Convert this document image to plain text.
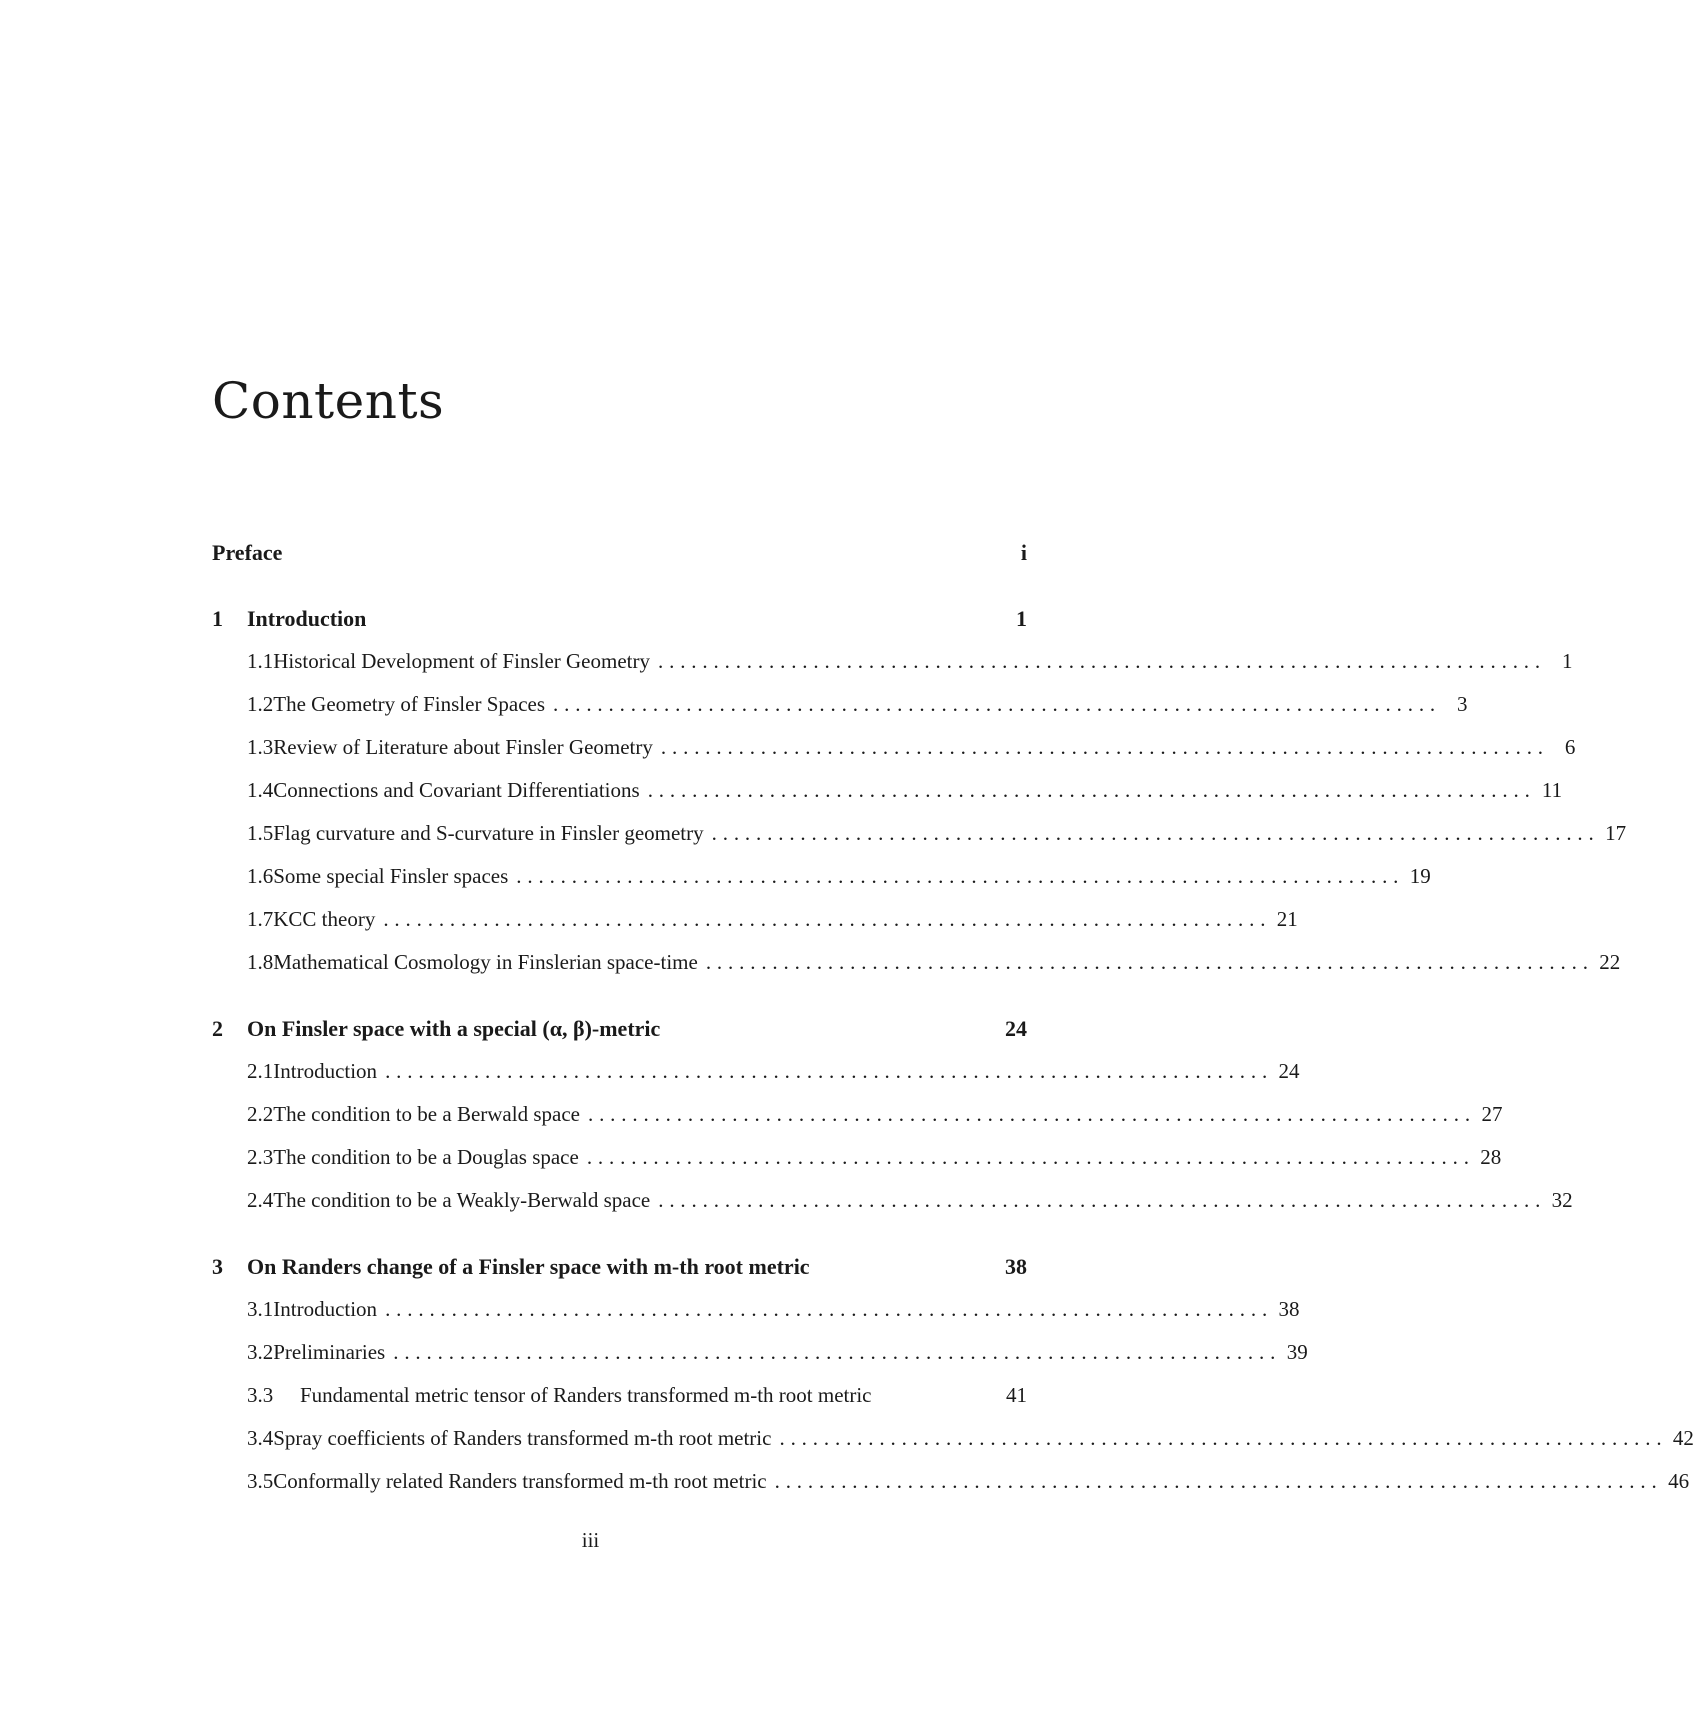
Contents
Preface	i
1	Introduction	1
1.1 Historical Development of Finsler Geometry . . . . . . . . . . . . . . . . . . . . . . . . . . . . . . . . . . . . . . . . . . . . . . . . . . . . . . . . . . . . . . . . . . . . . . . . . . . . . . . .	1
1.2 The Geometry of Finsler Spaces . . . . . . . . . . . . . . . . . . . . . . . . . . . . . . . . . . . . . . . . . . . . . . . . . . . . . . . . . . . . . . . . . . . . . . . . . . . . . . . .	3
1.3 Review of Literature about Finsler Geometry . . . . . . . . . . . . . . . . . . . . . . . . . . . . . . . . . . . . . . . . . . . . . . . . . . . . . . . . . . . . . . . . . . . . . . . . . . . . . . . .	6
1.4 Connections and Covariant Differentiations . . . . . . . . . . . . . . . . . . . . . . . . . . . . . . . . . . . . . . . . . . . . . . . . . . . . . . . . . . . . . . . . . . . . . . . . . . . . . . . . 11
1.5 Flag curvature and S-curvature in Finsler geometry . . . . . . . . . . . . . . . . . . . . . . . . . . . . . . . . . . . . . . . . . . . . . . . . . . . . . . . . . . . . . . . . . . . . . . . . . . . . . . . . 17
1.6 Some special Finsler spaces . . . . . . . . . . . . . . . . . . . . . . . . . . . . . . . . . . . . . . . . . . . . . . . . . . . . . . . . . . . . . . . . . . . . . . . . . . . . . . . . 19
1.7 KCC theory . . . . . . . . . . . . . . . . . . . . . . . . . . . . . . . . . . . . . . . . . . . . . . . . . . . . . . . . . . . . . . . . . . . . . . . . . . . . . . . . 21
1.8 Mathematical Cosmology in Finslerian space-time . . . . . . . . . . . . . . . . . . . . . . . . . . . . . . . . . . . . . . . . . . . . . . . . . . . . . . . . . . . . . . . . . . . . . . . . . . . . . . . . 22
2	On Finsler space with a special (α, β)-metric	24
2.1 Introduction . . . . . . . . . . . . . . . . . . . . . . . . . . . . . . . . . . . . . . . . . . . . . . . . . . . . . . . . . . . . . . . . . . . . . . . . . . . . . . . . 24
2.2 The condition to be a Berwald space . . . . . . . . . . . . . . . . . . . . . . . . . . . . . . . . . . . . . . . . . . . . . . . . . . . . . . . . . . . . . . . . . . . . . . . . . . . . . . . . 27
2.3 The condition to be a Douglas space . . . . . . . . . . . . . . . . . . . . . . . . . . . . . . . . . . . . . . . . . . . . . . . . . . . . . . . . . . . . . . . . . . . . . . . . . . . . . . . . 28
2.4 The condition to be a Weakly-Berwald space . . . . . . . . . . . . . . . . . . . . . . . . . . . . . . . . . . . . . . . . . . . . . . . . . . . . . . . . . . . . . . . . . . . . . . . . . . . . . . . . 32
3	On Randers change of a Finsler space with m-th root metric	38
3.1 Introduction . . . . . . . . . . . . . . . . . . . . . . . . . . . . . . . . . . . . . . . . . . . . . . . . . . . . . . . . . . . . . . . . . . . . . . . . . . . . . . . . 38
3.2 Preliminaries . . . . . . . . . . . . . . . . . . . . . . . . . . . . . . . . . . . . . . . . . . . . . . . . . . . . . . . . . . . . . . . . . . . . . . . . . . . . . . . . 39
3.3	Fundamental metric tensor of Randers transformed m-th root metric	41
3.4 Spray coefficients of Randers transformed m-th root metric . . . . . . . . . . . . . . . . . . . . . . . . . . . . . . . . . . . . . . . . . . . . . . . . . . . . . . . . . . . . . . . . . . . . . . . . . . . . . . . . 42
3.5 Conformally related Randers transformed m-th root metric . . . . . . . . . . . . . . . . . . . . . . . . . . . . . . . . . . . . . . . . . . . . . . . . . . . . . . . . . . . . . . . . . . . . . . . . . . . . . . . . 46
iii
